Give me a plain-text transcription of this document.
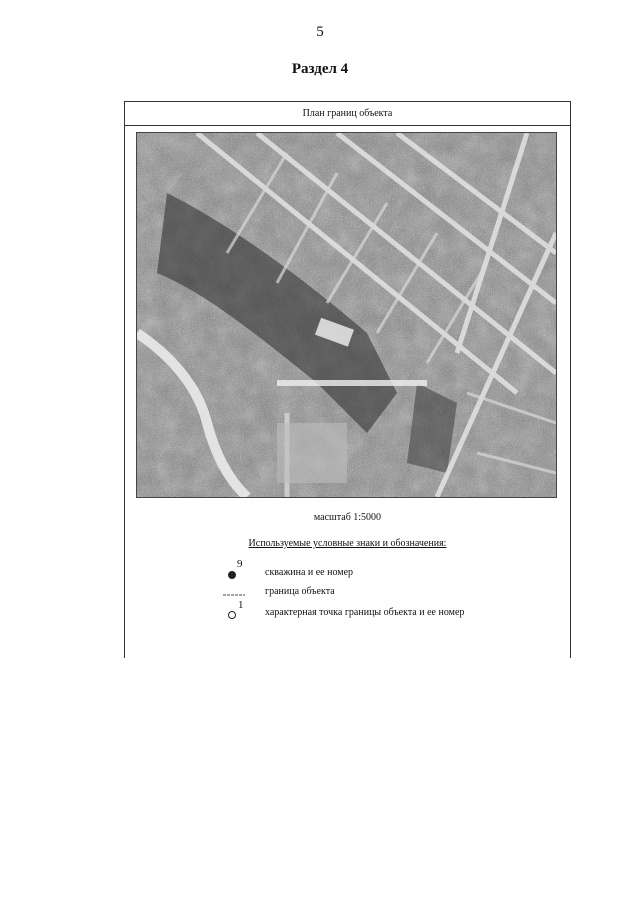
5
Раздел 4
План границ объекта
масштаб 1:5000
Используемые условные знаки и обозначения:
9
скважина и ее номер
граница объекта
1
характерная точка границы объекта и ее номер
